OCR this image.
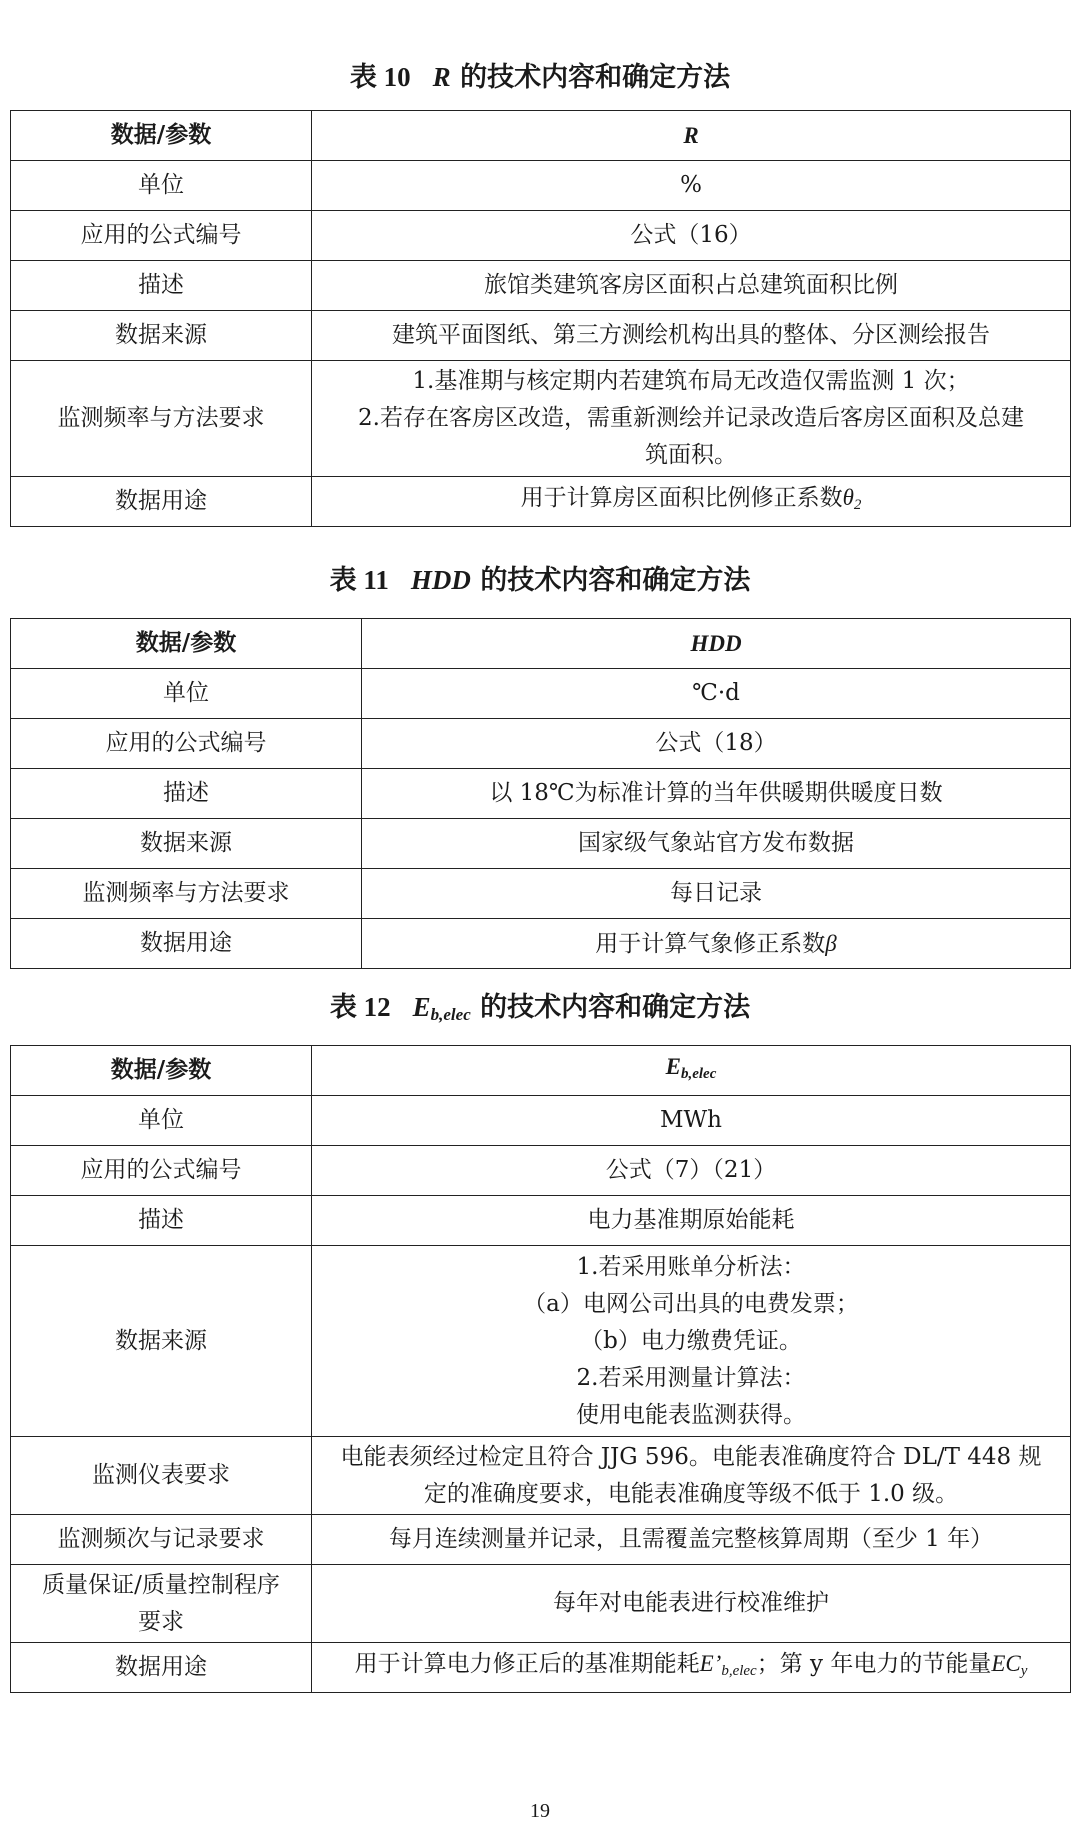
表 10 R 的技术内容和确定方法
数据/参数	R
单位	%
应用的公式编号	公式（16）
描述	旅馆类建筑客房区面积占总建筑面积比例
数据来源	建筑平面图纸、第三方测绘机构出具的整体、分区测绘报告
监测频率与方法要求	1.基准期与核定期内若建筑布局无改造仅需监测 1 次；
2.若存在客房区改造，需重新测绘并记录改造后客房区面积及总建
筑面积。

数据用途	用于计算房区面积比例修正系数$\theta_2$
表 11 HDD 的技术内容和确定方法
数据/参数	HDD
单位	℃·d
应用的公式编号	公式（18）
描述	以 18℃为标准计算的当年供暖期供暖度日数
数据来源	国家级气象站官方发布数据
监测频率与方法要求	每日记录
数据用途	用于计算气象修正系数β
表 12 $E_{b,elec}$ 的技术内容和确定方法
数据/参数	$E_{b,elec}$
单位	MWh
应用的公式编号	公式（7）（21）
描述	电力基准期原始能耗
数据来源	1.若采用账单分析法：
（a）电网公司出具的电费发票；
（b）电力缴费凭证。
2.若采用测量计算法：
使用电能表监测获得。

监测仪表要求	电能表须经过检定且符合 JJG 596。电能表准确度符合 DL/T 448 规
定的准确度要求，电能表准确度等级不低于 1.0 级。

监测频次与记录要求	每月连续测量并记录，且需覆盖完整核算周期（至少 1 年）

质量保证/质量控制程序
要求	每年对电能表进行校准维护
数据用途	用于计算电力修正后的基准期能耗$E’_{b,elec}$；第 y 年电力的节能量$EC_y$
19
